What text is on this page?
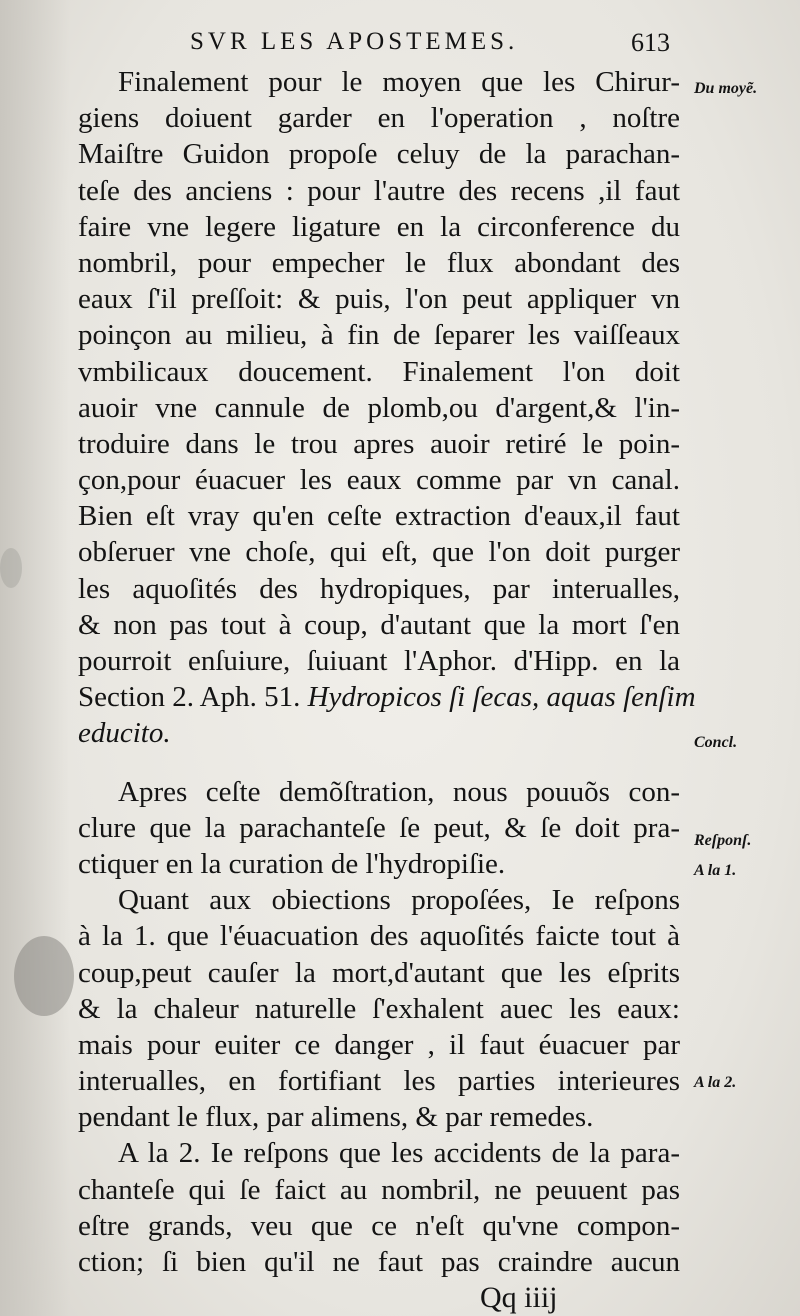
SVR LES APOSTEMES.	613
Finalement pour le moyen que les Chirur-
giens doiuent garder en l'operation , noſtre
Maiſtre Guidon propoſe celuy de la parachan-
teſe des anciens : pour l'autre des recens ,il faut
faire vne legere ligature en la circonference du
nombril, pour empecher le flux abondant des
eaux ſ'il preſſoit: & puis, l'on peut appliquer vn
poinçon au milieu, à fin de ſeparer les vaiſſeaux
vmbilicaux doucement. Finalement l'on doit
auoir vne cannule de plomb,ou d'argent,& l'in-
troduire dans le trou apres auoir retiré le poin-
çon,pour éuacuer les eaux comme par vn canal.
Bien eſt vray qu'en ceſte extraction d'eaux,il faut
obſeruer vne choſe, qui eſt, que l'on doit purger
les aquoſités des hydropiques, par interualles,
& non pas tout à coup, d'autant que la mort ſ'en
pourroit enſuiure, ſuiuant l'Aphor. d'Hipp. en la
Section 2. Aph. 51. Hydropicos ſi ſecas, aquas ſenſim
educito.
Apres ceſte demõſtration, nous pouuõs con-
clure que la parachanteſe ſe peut, & ſe doit pra-
ctiquer en la curation de l'hydropiſie.
Quant aux obiections propoſées, Ie reſpons
à la 1. que l'éuacuation des aquoſités faicte tout à
coup,peut cauſer la mort,d'autant que les eſprits
& la chaleur naturelle ſ'exhalent auec les eaux:
mais pour euiter ce danger , il faut éuacuer par
interualles, en fortifiant les parties interieures
pendant le flux, par alimens, & par remedes.
A la 2. Ie reſpons que les accidents de la para-
chanteſe qui ſe faict au nombril, ne peuuent pas
eſtre grands, veu que ce n'eſt qu'vne compon-
ction; ſi bien qu'il ne faut pas craindre aucun
Qq iiij
Du moyẽ.
Concl.
Reſponſ.
A la 1.
A la 2.
